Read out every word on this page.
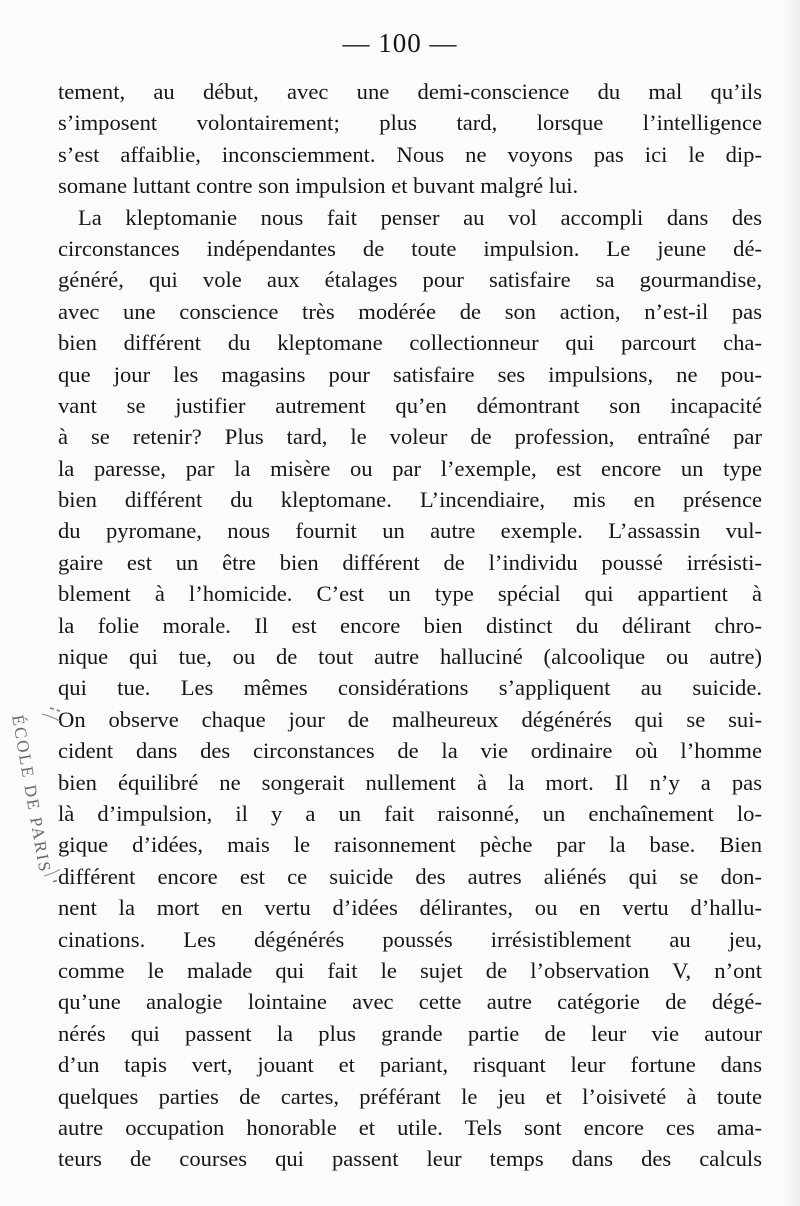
— 100 —
tement, au début, avec une demi-conscience du mal qu’ils
s’imposent volontairement; plus tard, lorsque l’intelligence
s’est affaiblie, inconsciemment. Nous ne voyons pas ici le dip-
somane luttant contre son impulsion et buvant malgré lui.
La kleptomanie nous fait penser au vol accompli dans des
circonstances indépendantes de toute impulsion. Le jeune dé-
généré, qui vole aux étalages pour satisfaire sa gourmandise,
avec une conscience très modérée de son action, n’est-il pas
bien différent du kleptomane collectionneur qui parcourt cha-
que jour les magasins pour satisfaire ses impulsions, ne pou-
vant se justifier autrement qu’en démontrant son incapacité
à se retenir? Plus tard, le voleur de profession, entraîné par
la paresse, par la misère ou par l’exemple, est encore un type
bien différent du kleptomane. L’incendiaire, mis en présence
du pyromane, nous fournit un autre exemple. L’assassin vul-
gaire est un être bien différent de l’individu poussé irrésisti-
blement à l’homicide. C’est un type spécial qui appartient à
la folie morale. Il est encore bien distinct du délirant chro-
nique qui tue, ou de tout autre halluciné (alcoolique ou autre)
qui tue. Les mêmes considérations s’appliquent au suicide.
On observe chaque jour de malheureux dégénérés qui se sui-
cident dans des circonstances de la vie ordinaire où l’homme
bien équilibré ne songerait nullement à la mort. Il n’y a pas
là d’impulsion, il y a un fait raisonné, un enchaînement lo-
gique d’idées, mais le raisonnement pèche par la base. Bien
différent encore est ce suicide des autres aliénés qui se don-
nent la mort en vertu d’idées délirantes, ou en vertu d’hallu-
cinations. Les dégénérés poussés irrésistiblement au jeu,
comme le malade qui fait le sujet de l’observation V, n’ont
qu’une analogie lointaine avec cette autre catégorie de dégé-
nérés qui passent la plus grande partie de leur vie autour
d’un tapis vert, jouant et pariant, risquant leur fortune dans
quelques parties de cartes, préférant le jeu et l’oisiveté à toute
autre occupation honorable et utile. Tels sont encore ces ama-
teurs de courses qui passent leur temps dans des calculs
ÉCOLE DE PARIS
